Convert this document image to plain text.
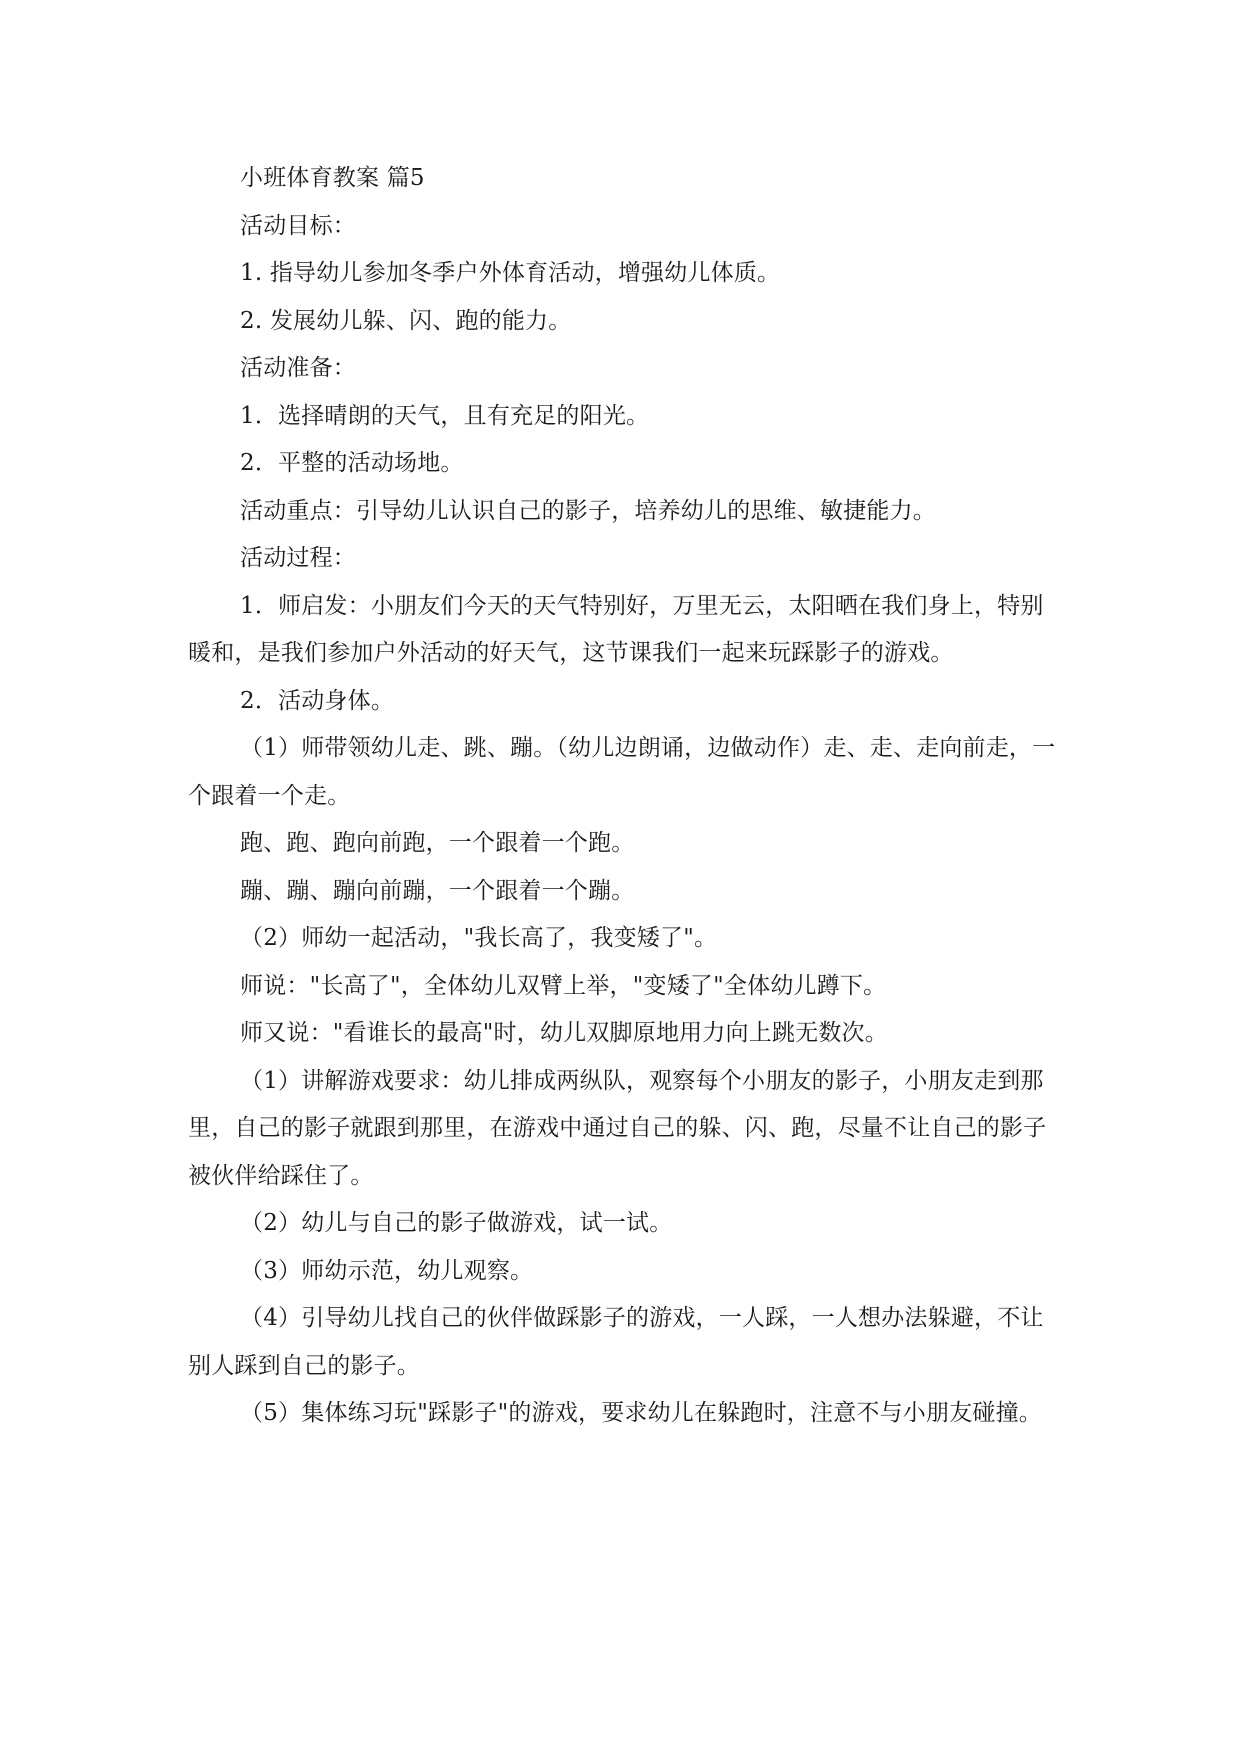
小班体育教案 篇5

活动目标：

1. 指导幼儿参加冬季户外体育活动，增强幼儿体质。

2. 发展幼儿躲、闪、跑的能力。

活动准备：

1．选择晴朗的天气，且有充足的阳光。

2．平整的活动场地。

活动重点：引导幼儿认识自己的影子，培养幼儿的思维、敏捷能力。

活动过程：

1．师启发：小朋友们今天的天气特别好，万里无云，太阳晒在我们身上，特别暖和，是我们参加户外活动的好天气，这节课我们一起来玩踩影子的游戏。

2．活动身体。

（1）师带领幼儿走、跳、蹦。（幼儿边朗诵，边做动作）走、走、走向前走，一个跟着一个走。

跑、跑、跑向前跑，一个跟着一个跑。

蹦、蹦、蹦向前蹦，一个跟着一个蹦。

（2）师幼一起活动，"我长高了，我变矮了"。

师说："长高了"，全体幼儿双臂上举，"变矮了"全体幼儿蹲下。

师又说："看谁长的最高"时，幼儿双脚原地用力向上跳无数次。

（1）讲解游戏要求：幼儿排成两纵队，观察每个小朋友的影子，小朋友走到那里，自己的影子就跟到那里，在游戏中通过自己的躲、闪、跑，尽量不让自己的影子被伙伴给踩住了。

（2）幼儿与自己的影子做游戏，试一试。

（3）师幼示范，幼儿观察。

（4）引导幼儿找自己的伙伴做踩影子的游戏，一人踩，一人想办法躲避，不让别人踩到自己的影子。

（5）集体练习玩"踩影子"的游戏，要求幼儿在躲跑时，注意不与小朋友碰撞。
